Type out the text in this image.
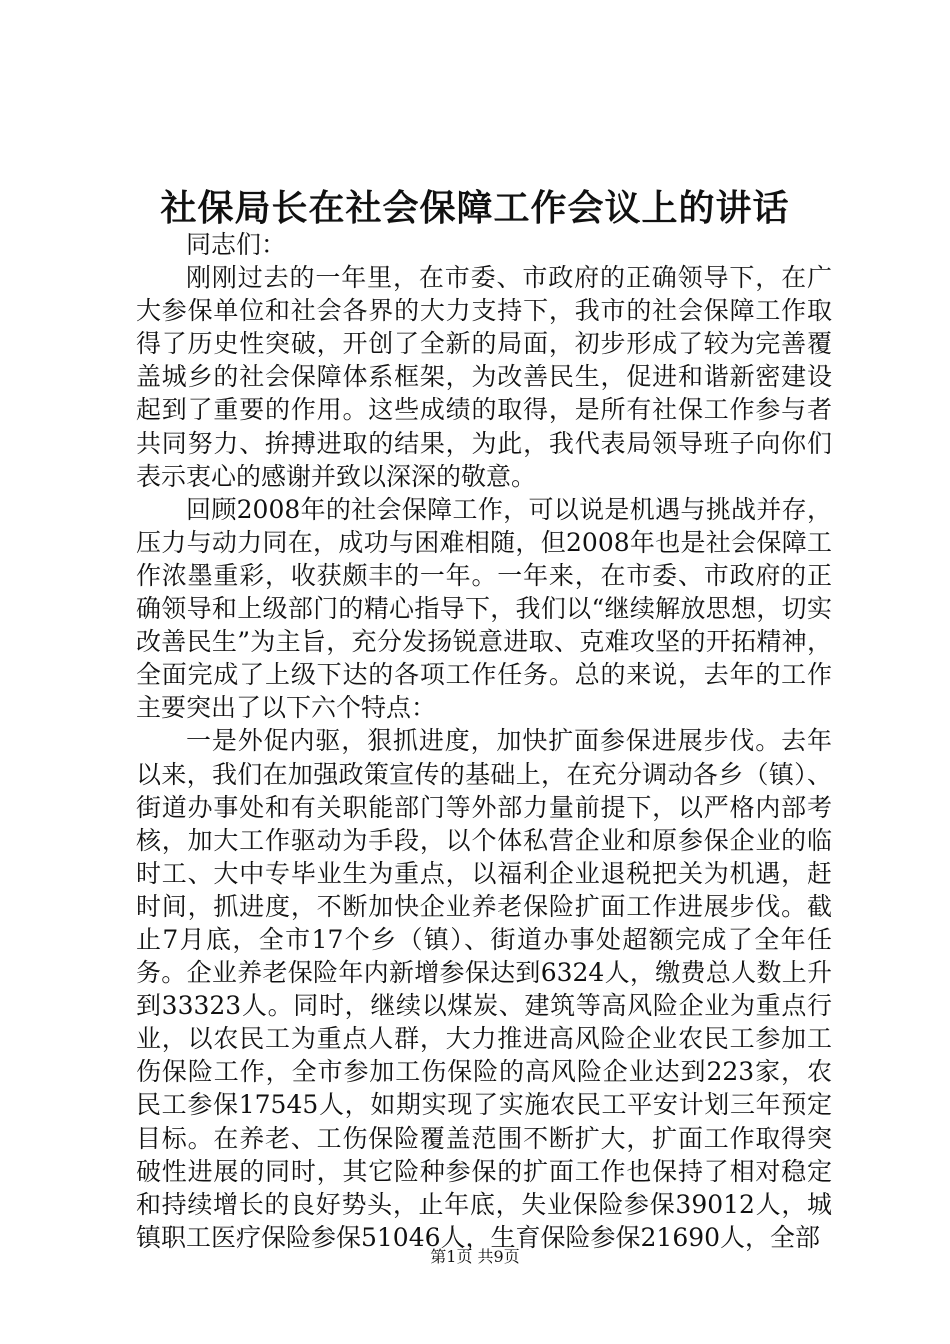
社保局长在社会保障工作会议上的讲话

同志们：

刚刚过去的一年里，在市委、市政府的正确领导下，在广大参保单位和社会各界的大力支持下，我市的社会保障工作取得了历史性突破，开创了全新的局面，初步形成了较为完善覆盖城乡的社会保障体系框架，为改善民生，促进和谐新密建设起到了重要的作用。这些成绩的取得，是所有社保工作参与者共同努力、拚搏进取的结果，为此，我代表局领导班子向你们表示衷心的感谢并致以深深的敬意。

回顾2008年的社会保障工作，可以说是机遇与挑战并存，压力与动力同在，成功与困难相随，但2008年也是社会保障工作浓墨重彩，收获颇丰的一年。一年来，在市委、市政府的正确领导和上级部门的精心指导下，我们以“继续解放思想，切实改善民生”为主旨，充分发扬锐意进取、克难攻坚的开拓精神，全面完成了上级下达的各项工作任务。总的来说，去年的工作主要突出了以下六个特点：

一是外促内驱，狠抓进度，加快扩面参保进展步伐。去年以来，我们在加强政策宣传的基础上，在充分调动各乡（镇）、街道办事处和有关职能部门等外部力量前提下，以严格内部考核，加大工作驱动为手段，以个体私营企业和原参保企业的临时工、大中专毕业生为重点，以福利企业退税把关为机遇，赶时间，抓进度，不断加快企业养老保险扩面工作进展步伐。截止7月底，全市17个乡（镇）、街道办事处超额完成了全年任务。企业养老保险年内新增参保达到6324人，缴费总人数上升到33323人。同时，继续以煤炭、建筑等高风险企业为重点行业，以农民工为重点人群，大力推进高风险企业农民工参加工伤保险工作，全市参加工伤保险的高风险企业达到223家，农民工参保17545人，如期实现了实施农民工平安计划三年预定目标。在养老、工伤保险覆盖范围不断扩大，扩面工作取得突破性进展的同时，其它险种参保的扩面工作也保持了相对稳定和持续增长的良好势头，止年底，失业保险参保39012人，城镇职工医疗保险参保51046人，生育保险参保21690人，全部

第1页 共9页
